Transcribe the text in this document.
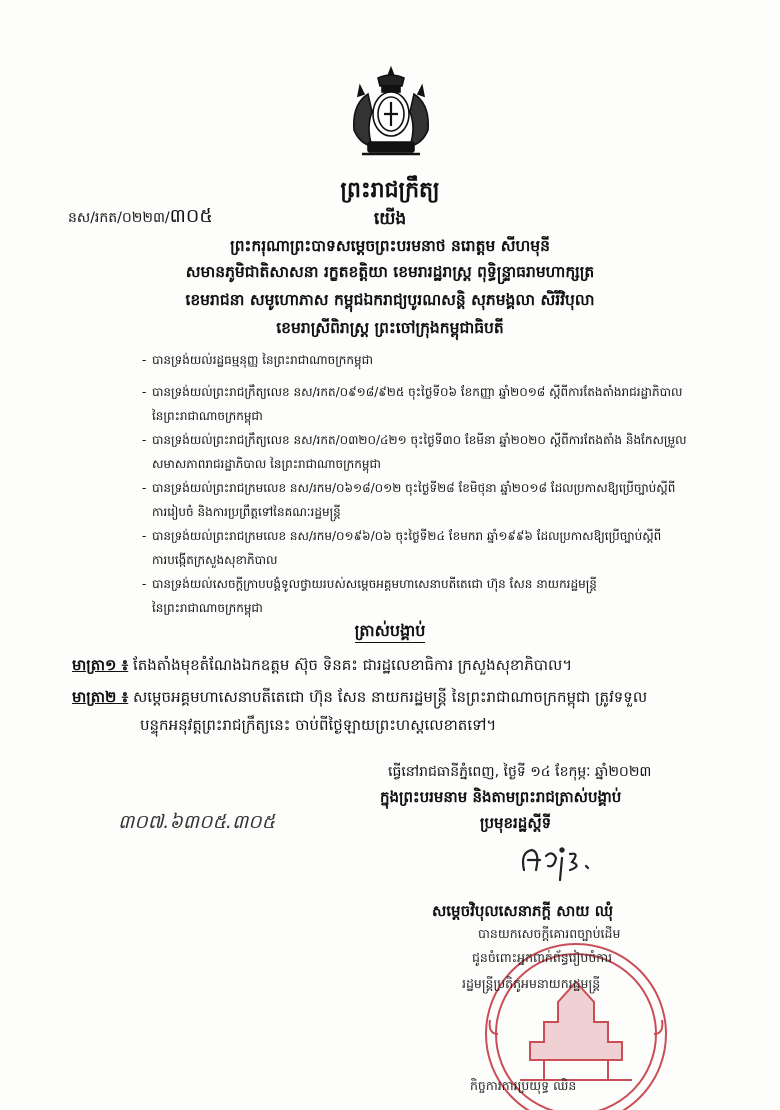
ព្រះរាជក្រឹត្យ
នស/រកត/០២២៣/៣០៥	យើង
ព្រះករុណាព្រះបាទសម្តេចព្រះបរមនាថ នរោត្តម សីហមុនី
សមានភូមិជាតិសាសនា រក្ខតខត្តិយា ខេមរារដ្ឋរាស្ត្រ ពុទ្ធិន្ទ្រាធរាមហាក្សត្រ
ខេមរាជនា សមូហោភាស កម្ពុជឯករាជ្យបូរណសន្តិ សុភមង្គលា សិរីវិបុលា
ខេមរាស្រីពិរាស្ត្រ ព្រះចៅក្រុងកម្ពុជាធិបតី
- បានទ្រង់យល់រដ្ឋធម្មនុញ្ញ នៃព្រះរាជាណាចក្រកម្ពុជា
- បានទ្រង់យល់ព្រះរាជក្រឹត្យលេខ នស/រកត/០៩១៨/៩២៥ ចុះថ្ងៃទី០៦ ខែកញ្ញា ឆ្នាំ២០១៨ ស្តីពីការតែងតាំងរាជរដ្ឋាភិបាល
នៃព្រះរាជាណាចក្រកម្ពុជា
- បានទ្រង់យល់ព្រះរាជក្រឹត្យលេខ នស/រកត/០៣២០/៤២១ ចុះថ្ងៃទី៣០ ខែមីនា ឆ្នាំ២០២០ ស្តីពីការតែងតាំង និងកែសម្រួល
សមាសភាពរាជរដ្ឋាភិបាល នៃព្រះរាជាណាចក្រកម្ពុជា
- បានទ្រង់យល់ព្រះរាជក្រមលេខ នស/រកម/០៦១៨/០១២ ចុះថ្ងៃទី២៨ ខែមិថុនា ឆ្នាំ២០១៨ ដែលប្រកាសឱ្យប្រើច្បាប់ស្តីពី
ការរៀបចំ និងការប្រព្រឹត្តទៅនៃគណៈរដ្ឋមន្ត្រី
- បានទ្រង់យល់ព្រះរាជក្រមលេខ នស/រកម/០១៩៦/០៦ ចុះថ្ងៃទី២៤ ខែមករា ឆ្នាំ១៩៩៦ ដែលប្រកាសឱ្យប្រើច្បាប់ស្តីពី
ការបង្កើតក្រសួងសុខាភិបាល
- បានទ្រង់យល់សេចក្តីក្រាបបង្គំទូលថ្វាយរបស់សម្តេចអគ្គមហាសេនាបតីតេជោ ហ៊ុន សែន នាយករដ្ឋមន្ត្រី
នៃព្រះរាជាណាចក្រកម្ពុជា
ត្រាស់បង្គាប់
មាត្រា១ ៖ តែងតាំងមុខតំណែងឯកឧត្តម ស៊ុច ទិនគះ ជារដ្ឋលេខាធិការ ក្រសួងសុខាភិបាល។
មាត្រា២ ៖ សម្តេចអគ្គមហាសេនាបតីតេជោ ហ៊ុន សែន នាយករដ្ឋមន្ត្រី នៃព្រះរាជាណាចក្រកម្ពុជា ត្រូវទទួល
បន្ទុកអនុវត្តព្រះរាជក្រឹត្យនេះ ចាប់ពីថ្ងៃឡាយព្រះហស្តលេខាតទៅ។
ធ្វើនៅរាជធានីភ្នំពេញ, ថ្ងៃទី ១៤ ខែកុម្ភៈ ឆ្នាំ២០២៣
ក្នុងព្រះបរមនាម និងតាមព្រះរាជត្រាស់បង្គាប់
ប្រមុខរដ្ឋស្តីទី
៣០៧.៦៣០៥.៣០៥
សម្តេចវិបុលសេនាភក្តី សាយ ឈុំ
បានយកសេចក្តីគោរពច្បាប់ដើម
ជូនចំពោះអ្នកពាក់ព័ន្ធរៀបចំការ
រដ្ឋមន្ត្រីប្រតិភូអមនាយករដ្ឋមន្ត្រី
កិច្ចការការប្រយុទ្ធ ឈិន
